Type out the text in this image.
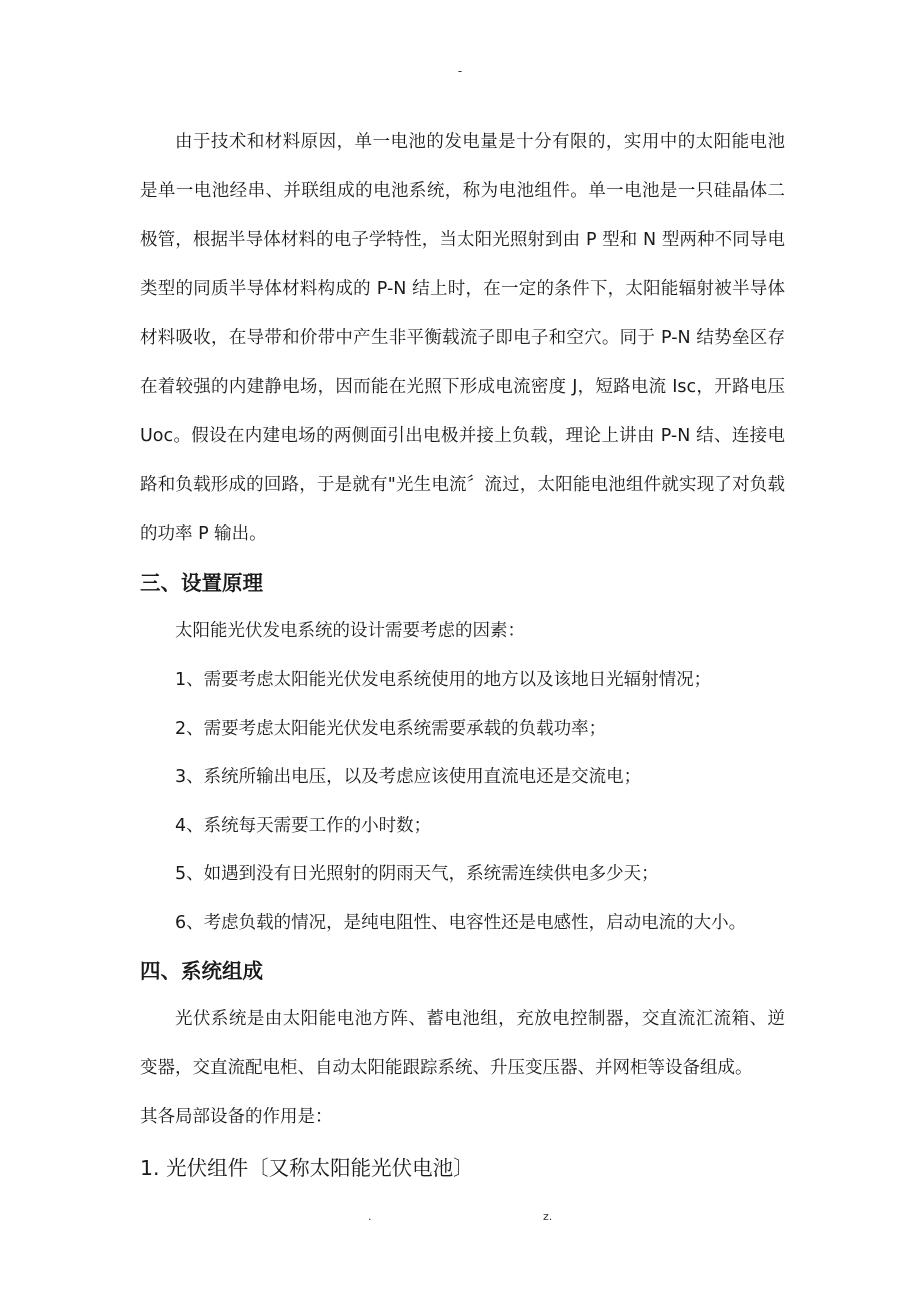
-

由于技术和材料原因，单一电池的发电量是十分有限的，实用中的太阳能电池是单一电池经串、并联组成的电池系统，称为电池组件。单一电池是一只硅晶体二极管，根据半导体材料的电子学特性，当太阳光照射到由 P 型和 N 型两种不同导电类型的同质半导体材料构成的 P-N 结上时，在一定的条件下，太阳能辐射被半导体材料吸收，在导带和价带中产生非平衡载流子即电子和空穴。同于 P-N 结势垒区存在着较强的内建静电场，因而能在光照下形成电流密度 J，短路电流 Isc，开路电压 Uoc。假设在内建电场的两侧面引出电极并接上负载，理论上讲由 P-N 结、连接电路和负载形成的回路，于是就有"光生电流〞流过，太阳能电池组件就实现了对负载的功率 P 输出。

三、设置原理

太阳能光伏发电系统的设计需要考虑的因素：

1、需要考虑太阳能光伏发电系统使用的地方以及该地日光辐射情况；

2、需要考虑太阳能光伏发电系统需要承载的负载功率；

3、系统所输出电压，以及考虑应该使用直流电还是交流电；

4、系统每天需要工作的小时数；

5、如遇到没有日光照射的阴雨天气，系统需连续供电多少天；

6、考虑负载的情况，是纯电阻性、电容性还是电感性，启动电流的大小。

四、系统组成

光伏系统是由太阳能电池方阵、蓄电池组，充放电控制器，交直流汇流箱、逆变器，交直流配电柜、自动太阳能跟踪系统、升压变压器、并网柜等设备组成。

其各局部设备的作用是：

1. 光伏组件〔又称太阳能光伏电池〕
.	z.
